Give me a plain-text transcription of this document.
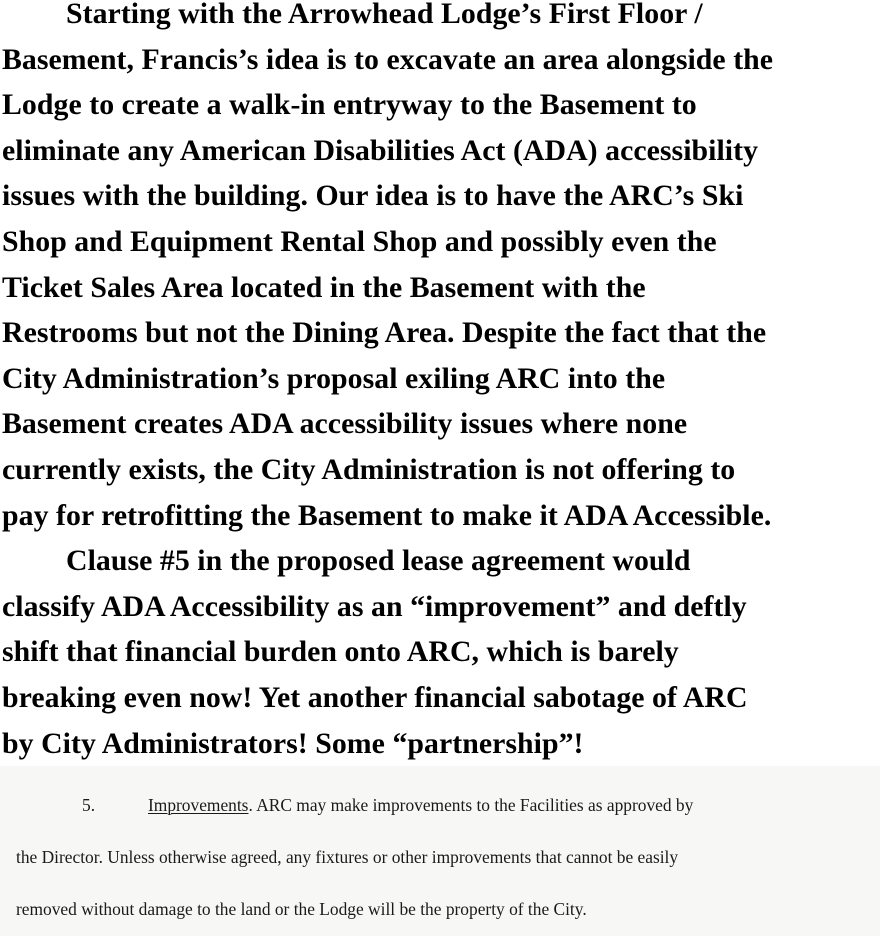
Starting with the Arrowhead Lodge’s First Floor /
Basement, Francis’s idea is to excavate an area alongside the
Lodge to create a walk-in entryway to the Basement to
eliminate any American Disabilities Act (ADA) accessibility
issues with the building. Our idea is to have the ARC’s Ski
Shop and Equipment Rental Shop and possibly even the
Ticket Sales Area located in the Basement with the
Restrooms but not the Dining Area. Despite the fact that the
City Administration’s proposal exiling ARC into the
Basement creates ADA accessibility issues where none
currently exists, the City Administration is not offering to
pay for retrofitting the Basement to make it ADA Accessible.
Clause #5 in the proposed lease agreement would
classify ADA Accessibility as an “improvement” and deftly
shift that financial burden onto ARC, which is barely
breaking even now! Yet another financial sabotage of ARC
by City Administrators! Some “partnership”!
5.	Improvements. ARC may make improvements to the Facilities as approved by
the Director. Unless otherwise agreed, any fixtures or other improvements that cannot be easily
removed without damage to the land or the Lodge will be the property of the City.
